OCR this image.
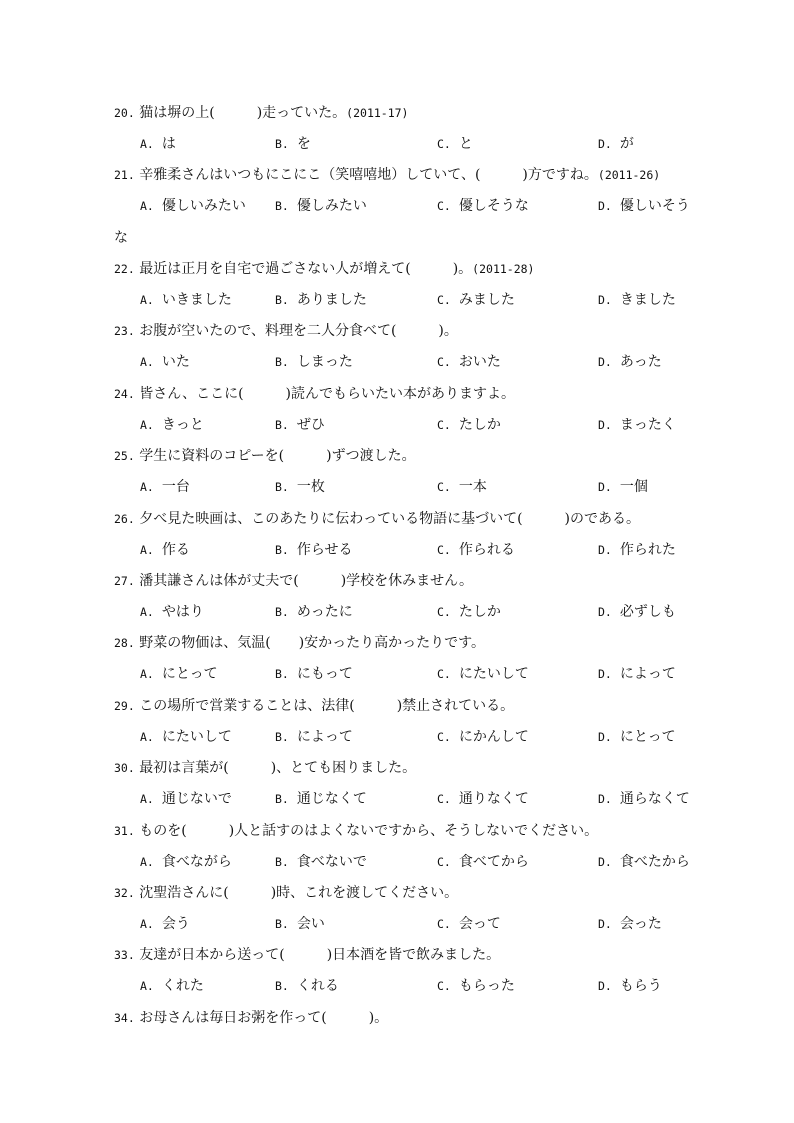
20. 猫は塀の上(　　　)走っていた。(2011-17)
A. は	B. を	C. と	D. が
21. 辛雅柔さんはいつもにこにこ（笑嘻嘻地）していて、(　　　)方ですね。(2011-26)
A. 優しいみたい	B. 優しみたい	C. 優しそうな	D. 優しいそう
な
22. 最近は正月を自宅で過ごさない人が増えて(　　　)。(2011-28)
A. いきました	B. ありました	C. みました	D. きました
23. お腹が空いたので、料理を二人分食べて(　　　)。
A. いた	B. しまった	C. おいた	D. あった
24. 皆さん、ここに(　　　)読んでもらいたい本がありますよ。
A. きっと	B. ぜひ	C. たしか	D. まったく
25. 学生に資料のコピーを(　　　)ずつ渡した。
A. 一台	B. 一枚	C. 一本	D. 一個
26. 夕べ見た映画は、このあたりに伝わっている物語に基づいて(　　　)のである。
A. 作る	B. 作らせる	C. 作られる	D. 作られた
27. 潘其謙さんは体が丈夫で(　　　)学校を休みません。
A. やはり	B. めったに	C. たしか	D. 必ずしも
28. 野菜の物価は、気温(　　)安かったり高かったりです。
A. にとって	B. にもって	C. にたいして	D. によって
29. この場所で営業することは、法律(　　　)禁止されている。
A. にたいして	B. によって	C. にかんして	D. にとって
30. 最初は言葉が(　　　)、とても困りました。
A. 通じないで	B. 通じなくて	C. 通りなくて	D. 通らなくて
31. ものを(　　　)人と話すのはよくないですから、そうしないでください。
A. 食べながら	B. 食べないで	C. 食べてから	D. 食べたから
32. 沈聖浩さんに(　　　)時、これを渡してください。
A. 会う	B. 会い	C. 会って	D. 会った
33. 友達が日本から送って(　　　)日本酒を皆で飲みました。
A. くれた	B. くれる	C. もらった	D. もらう
34. お母さんは毎日お粥を作って(　　　)。
